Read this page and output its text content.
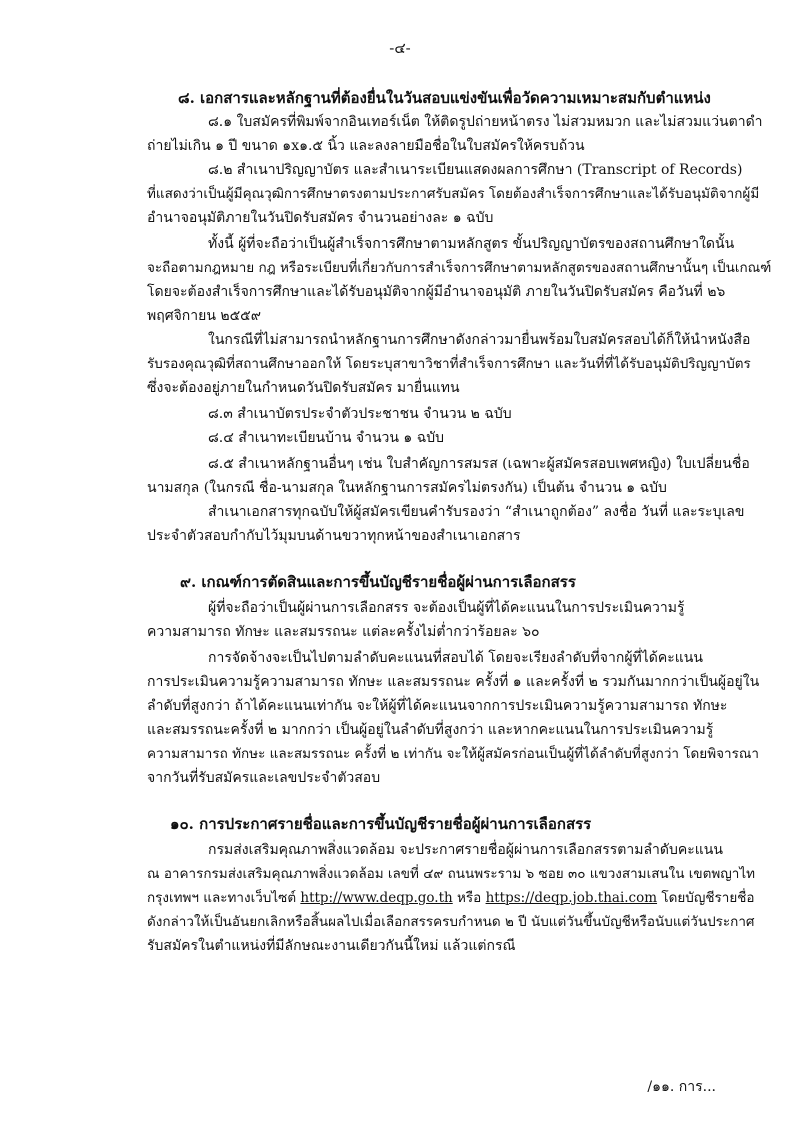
-๔-
๘. เอกสารและหลักฐานที่ต้องยื่นในวันสอบแข่งขันเพื่อวัดความเหมาะสมกับตำแหน่ง
๘.๑ ใบสมัครที่พิมพ์จากอินเทอร์เน็ต ให้ติดรูปถ่ายหน้าตรง ไม่สวมหมวก และไม่สวมแว่นตาดำ
ถ่ายไม่เกิน ๑ ปี ขนาด ๑x๑.๕ นิ้ว และลงลายมือชื่อในใบสมัครให้ครบถ้วน
๘.๒ สำเนาปริญญาบัตร และสำเนาระเบียนแสดงผลการศึกษา (Transcript of Records)
ที่แสดงว่าเป็นผู้มีคุณวุฒิการศึกษาตรงตามประกาศรับสมัคร โดยต้องสำเร็จการศึกษาและได้รับอนุมัติจากผู้มี
อำนาจอนุมัติภายในวันปิดรับสมัคร จำนวนอย่างละ ๑ ฉบับ
ทั้งนี้ ผู้ที่จะถือว่าเป็นผู้สำเร็จการศึกษาตามหลักสูตร ขั้นปริญญาบัตรของสถานศึกษาใดนั้น
จะถือตามกฎหมาย กฎ หรือระเบียบที่เกี่ยวกับการสำเร็จการศึกษาตามหลักสูตรของสถานศึกษานั้นๆ เป็นเกณฑ์
โดยจะต้องสำเร็จการศึกษาและได้รับอนุมัติจากผู้มีอำนาจอนุมัติ ภายในวันปิดรับสมัคร คือวันที่ ๒๖
พฤศจิกายน ๒๕๕๙
ในกรณีที่ไม่สามารถนำหลักฐานการศึกษาดังกล่าวมายื่นพร้อมใบสมัครสอบได้ก็ให้นำหนังสือ
รับรองคุณวุฒิที่สถานศึกษาออกให้ โดยระบุสาขาวิชาที่สำเร็จการศึกษา และวันที่ที่ได้รับอนุมัติปริญญาบัตร
ซึ่งจะต้องอยู่ภายในกำหนดวันปิดรับสมัคร มายื่นแทน
๘.๓ สำเนาบัตรประจำตัวประชาชน จำนวน ๒ ฉบับ
๘.๔ สำเนาทะเบียนบ้าน จำนวน ๑ ฉบับ
๘.๕ สำเนาหลักฐานอื่นๆ เช่น ใบสำคัญการสมรส (เฉพาะผู้สมัครสอบเพศหญิง) ใบเปลี่ยนชื่อ
นามสกุล (ในกรณี ชื่อ-นามสกุล ในหลักฐานการสมัครไม่ตรงกัน) เป็นต้น จำนวน ๑ ฉบับ
สำเนาเอกสารทุกฉบับให้ผู้สมัครเขียนคำรับรองว่า “สำเนาถูกต้อง” ลงชื่อ วันที่ และระบุเลข
ประจำตัวสอบกำกับไว้มุมบนด้านขวาทุกหน้าของสำเนาเอกสาร
๙. เกณฑ์การตัดสินและการขึ้นบัญชีรายชื่อผู้ผ่านการเลือกสรร
ผู้ที่จะถือว่าเป็นผู้ผ่านการเลือกสรร จะต้องเป็นผู้ที่ได้คะแนนในการประเมินความรู้
ความสามารถ ทักษะ และสมรรถนะ แต่ละครั้งไม่ต่ำกว่าร้อยละ ๖๐
การจัดจ้างจะเป็นไปตามลำดับคะแนนที่สอบได้ โดยจะเรียงลำดับที่จากผู้ที่ได้คะแนน
การประเมินความรู้ความสามารถ ทักษะ และสมรรถนะ ครั้งที่ ๑ และครั้งที่ ๒ รวมกันมากกว่าเป็นผู้อยู่ใน
ลำดับที่สูงกว่า ถ้าได้คะแนนเท่ากัน จะให้ผู้ที่ได้คะแนนจากการประเมินความรู้ความสามารถ ทักษะ
และสมรรถนะครั้งที่ ๒ มากกว่า เป็นผู้อยู่ในลำดับที่สูงกว่า และหากคะแนนในการประเมินความรู้
ความสามารถ ทักษะ และสมรรถนะ ครั้งที่ ๒ เท่ากัน จะให้ผู้สมัครก่อนเป็นผู้ที่ได้ลำดับที่สูงกว่า โดยพิจารณา
จากวันที่รับสมัครและเลขประจำตัวสอบ
๑๐. การประกาศรายชื่อและการขึ้นบัญชีรายชื่อผู้ผ่านการเลือกสรร
กรมส่งเสริมคุณภาพสิ่งแวดล้อม จะประกาศรายชื่อผู้ผ่านการเลือกสรรตามลำดับคะแนน
ณ อาคารกรมส่งเสริมคุณภาพสิ่งแวดล้อม เลขที่ ๔๙ ถนนพระราม ๖ ซอย ๓๐ แขวงสามเสนใน เขตพญาไท
กรุงเทพฯ และทางเว็บไซต์ http://www.deqp.go.th หรือ https://deqp.job.thai.com โดยบัญชีรายชื่อ
ดังกล่าวให้เป็นอันยกเลิกหรือสิ้นผลไปเมื่อเลือกสรรครบกำหนด ๒ ปี นับแต่วันขึ้นบัญชีหรือนับแต่วันประกาศ
รับสมัครในตำแหน่งที่มีลักษณะงานเดียวกันนี้ใหม่ แล้วแต่กรณี
/๑๑. การ...
